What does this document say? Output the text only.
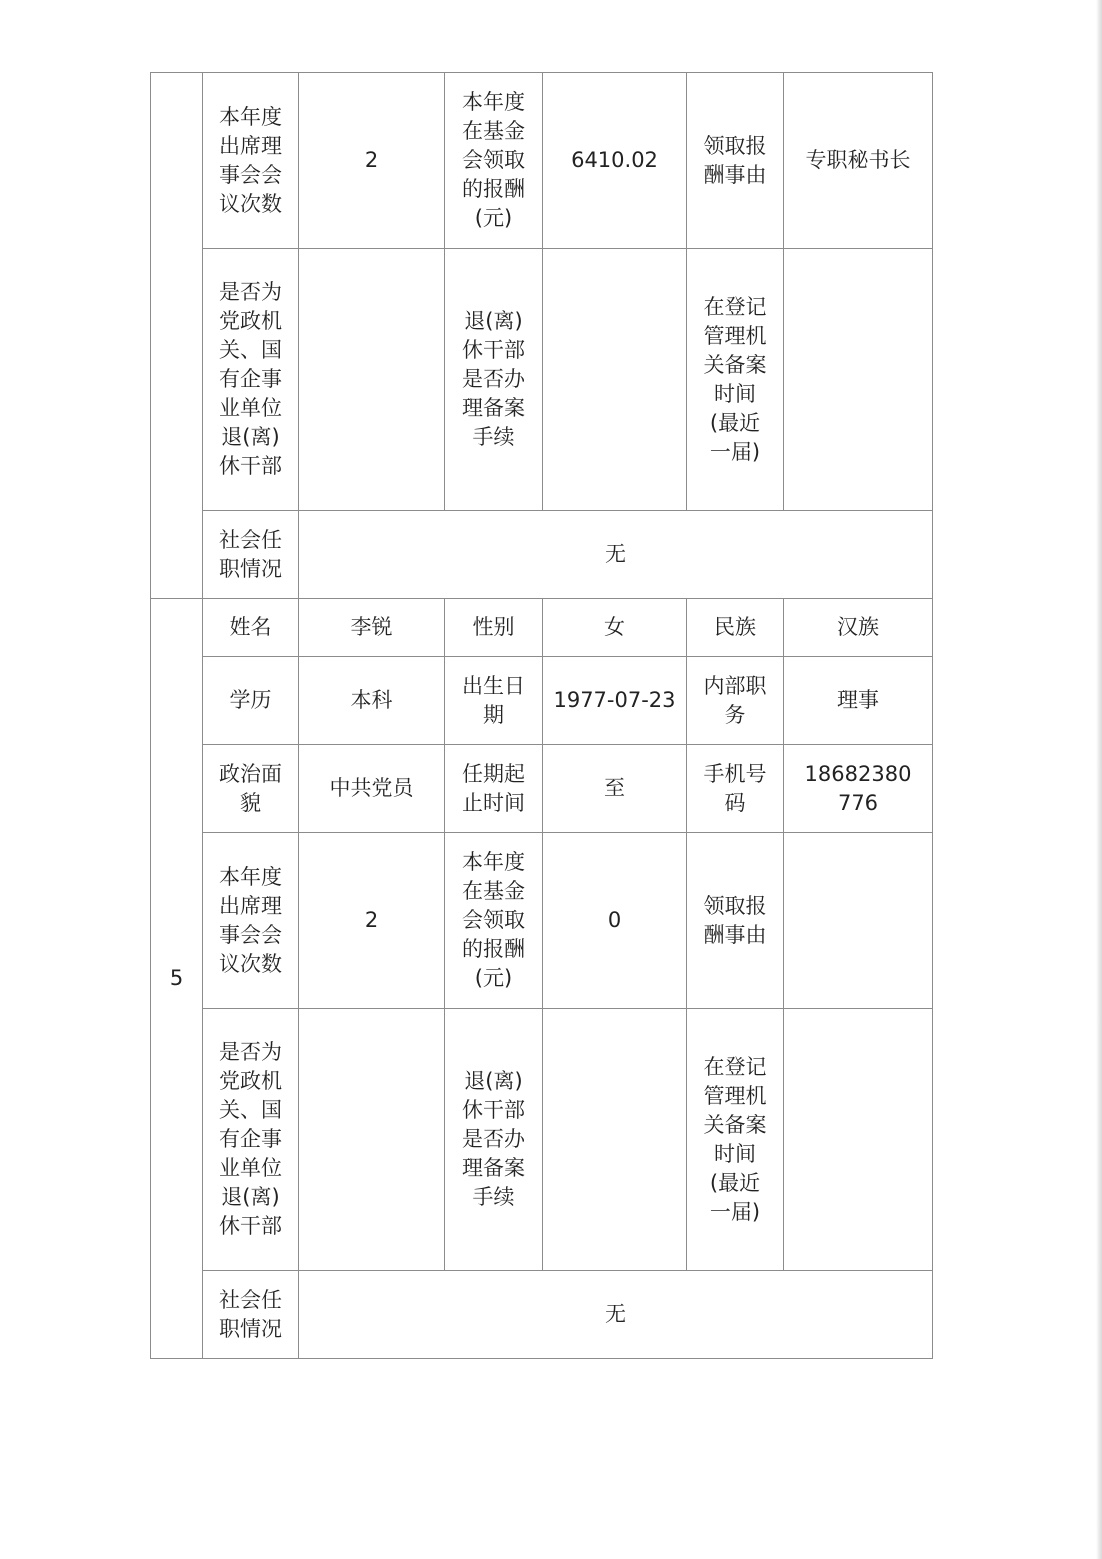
	本年度出席理事会会议次数	2	本年度在基金会领取的报酬(元)	6410.02	领取报酬事由	专职秘书长
	是否为党政机关、国有企事业单位退(离)休干部		退(离)休干部是否办理备案手续		在登记管理机关备案时间(最近一届)	
	社会任职情况	无				
5	姓名	李锐	性别	女	民族	汉族
	学历	本科	出生日期	1977-07-23	内部职务	理事
	政治面貌	中共党员	任期起止时间	至	手机号码	18682380776
	本年度出席理事会会议次数	2	本年度在基金会领取的报酬(元)	0	领取报酬事由	
	是否为党政机关、国有企事业单位退(离)休干部		退(离)休干部是否办理备案手续		在登记管理机关备案时间(最近一届)	
	社会任职情况	无				
